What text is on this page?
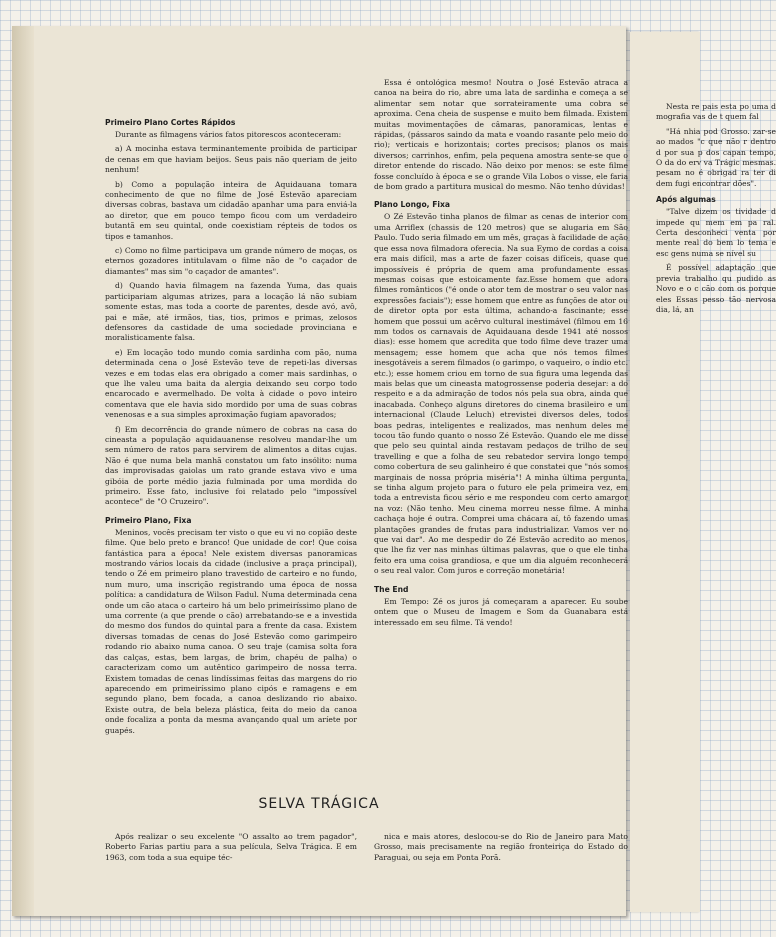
Primeiro Plano Cortes Rápidos

Durante as filmagens vários fatos pitorescos aconteceram:

a) A mocinha estava terminantemente proibida de participar de cenas em que haviam beijos. Seus pais não queriam de jeito nenhum!

b) Como a população inteira de Aquidauana tomara conhecimento de que no filme de José Estevão apareciam diversas cobras, bastava um cidadão apanhar uma para enviá-la ao diretor, que em pouco tempo ficou com um verdadeiro butantã em seu quintal, onde coexistiam répteis de todos os tipos e tamanhos.

c) Como no filme participava um grande número de moças, os eternos gozadores intitulavam o filme não de "o caçador de diamantes" mas sim "o caçador de amantes".

d) Quando havia filmagem na fazenda Yuma, das quais participariam algumas atrizes, para a locação lá não subiam somente estas, mas toda a coorte de parentes, desde avó, avô, pai e mãe, até irmãos, tias, tios, primos e primas, zelosos defensores da castidade de uma sociedade provinciana e moralisticamente falsa.

e) Em locação todo mundo comia sardinha com pão, numa determinada cena o José Estevão teve de repeti-las diversas vezes e em todas elas era obrigado a comer mais sardinhas, o que lhe valeu uma baita da alergia deixando seu corpo todo encarocado e avermelhado. De volta à cidade o povo inteiro comentava que ele havia sido mordido por uma de suas cobras venenosas e a sua simples aproximação fugiam apavorados;

f) Em decorrência do grande número de cobras na casa do cineasta a população aquidauanense resolveu mandar-lhe um sem número de ratos para servirem de alimentos a ditas cujas. Não é que numa bela manhã constatou um fato insólito: numa das improvisadas gaiolas um rato grande estava vivo e uma gibóia de porte médio jazia fulminada por uma mordida do primeiro. Esse fato, inclusive foi relatado pelo "impossível acontece" de "O Cruzeiro".

Primeiro Plano, Fixa

Meninos, vocês precisam ter visto o que eu vi no copião deste filme. Que belo preto e branco! Que unidade de cor! Que coisa fantástica para a época! Nele existem diversas panoramicas mostrando vários locais da cidade (inclusive a praça principal), tendo o Zé em primeiro plano travestido de carteiro e no fundo, num muro, uma inscrição registrando uma época de nossa política: a candidatura de Wilson Fadul. Numa determinada cena onde um cão ataca o carteiro há um belo primeiríssimo plano de uma corrente (a que prende o cão) arrebatando-se e a investida do mesmo dos fundos do quintal para a frente da casa. Existem diversas tomadas de cenas do José Estevão como garimpeiro rodando rio abaixo numa canoa. O seu traje (camisa solta fora das calças, estas, bem largas, de brim, chapéu de palha) o caracterizam como um autêntico garimpeiro de nossa terra. Existem tomadas de cenas lindíssimas feitas das margens do rio aparecendo em primeiríssimo plano cipós e ramagens e em segundo plano, bem focada, a canoa deslizando rio abaixo. Existe outra, de bela beleza plástica, feita do meio da canoa onde focaliza a ponta da mesma avançando qual um aríete por guapés.

Essa é ontológica mesmo! Noutra o José Estevão atraca a canoa na beira do rio, abre uma lata de sardinha e começa a se alimentar sem notar que sorrateiramente uma cobra se aproxima. Cena cheia de suspense e muito bem filmada. Existem muitas movimentações de câmaras, panoramicas, lentas e rápidas, (pássaros saindo da mata e voando rasante pelo meio do rio); verticais e horizontais; cortes precisos; planos os mais diversos; carrinhos, enfim, pela pequena amostra sente-se que o diretor entende do riscado. Não deixo por menos: se este filme fosse concluído à época e se o grande Vila Lobos o visse, ele faria de bom grado a partitura musical do mesmo. Não tenho dúvidas!

Plano Longo, Fixa

O Zé Estevão tinha planos de filmar as cenas de interior com uma Arriflex (chassis de 120 metros) que se alugaria em São Paulo. Tudo seria filmado em um mês, graças à facilidade de ação que essa nova filmadora oferecia. Na sua Eymo de cordas a coisa era mais difícil, mas a arte de fazer coisas difíceis, quase que impossíveis é própria de quem ama profundamente essas mesmas coisas que estoicamente faz.Esse homem que adora filmes românticos ("é onde o ator tem de mostrar o seu valor nas expressões faciais"); esse homem que entre as funções de ator ou de diretor opta por esta última, achando-a fascinante; esse homem que possui um acêrvo cultural inestimável (filmou em 16 mm todos os carnavais de Aquidauana desde 1941 até nossos dias): esse homem que acredita que todo filme deve trazer uma mensagem; esse homem que acha que nós temos filmes inesgotáveis a serem filmados (o garimpo, o vaqueiro, o índio etc. etc.); esse homem criou em torno de sua figura uma legenda das mais belas que um cineasta matogrossense poderia desejar: a do respeito e a da admiração de todos nós pela sua obra, ainda que inacabada. Conheço alguns diretores do cinema brasileiro e um internacional (Claude Leluch) etrevistei diversos deles, todos boas pedras, inteligentes e realizados, mas nenhum deles me tocou tão fundo quanto o nosso Zé Estevão. Quando ele me disse que pelo seu quintal ainda restavam pedaços de trilho de seu travelling e que a folha de seu rebatedor servira longo tempo como cobertura de seu galinheiro é que constatei que "nós somos marginais de nossa própria miséria"! A minha última pergunta, se tinha algum projeto para o futuro ele pela primeira vez, em toda a entrevista ficou sério e me respondeu com certo amargor na voz: (Não tenho. Meu cinema morreu nesse filme. A minha cachaça hoje é outra. Comprei uma chácara aí, tô fazendo umas plantações grandes de frutas para industrializar. Vamos ver no que vai dar". Ao me despedir do Zé Estevão acredito ao menos, que lhe fiz ver nas minhas últimas palavras, que o que ele tinha feito era uma coisa grandiosa, e que um dia alguém reconhecerá o seu real valor. Com juros e correção monetária!

The End

Em Tempo: Zé os juros já começaram a aparecer. Eu soube ontem que o Museu de Imagem e Som da Guanabara está interessado em seu filme. Tá vendo!

SELVA TRÁGICA

Após realizar o seu excelente "O assalto ao trem pagador", Roberto Farias partiu para a sua película, Selva Trágica. E em 1963, com toda a sua equipe téc-

nica e mais atores, deslocou-se do Rio de Janeiro para Mato Grosso, mais precisamente na região fronteiriça do Estado do Paraguai, ou seja em Ponta Porã.

Nesta re pais esta po uma d mografia vas de t quem fal

"Há nhia pod Grosso. zar-se ao mados "c que não r dentro d por sua p dos capan tempo, O da do erv va Trágic mesmas. pesam no é obrigad ra ter di dem fugi encontrar dões".

Após algumas

"Talve dizem os tividade d impede qu mem em pa ral. Certa desconheci venta por mente real do bem lo tema e esc gens numa se nível su

É possível adaptação que previa trabalho qu pudido as Novo e o c cão com os porque eles Essas pesso tão nervosa dia, lá, an
